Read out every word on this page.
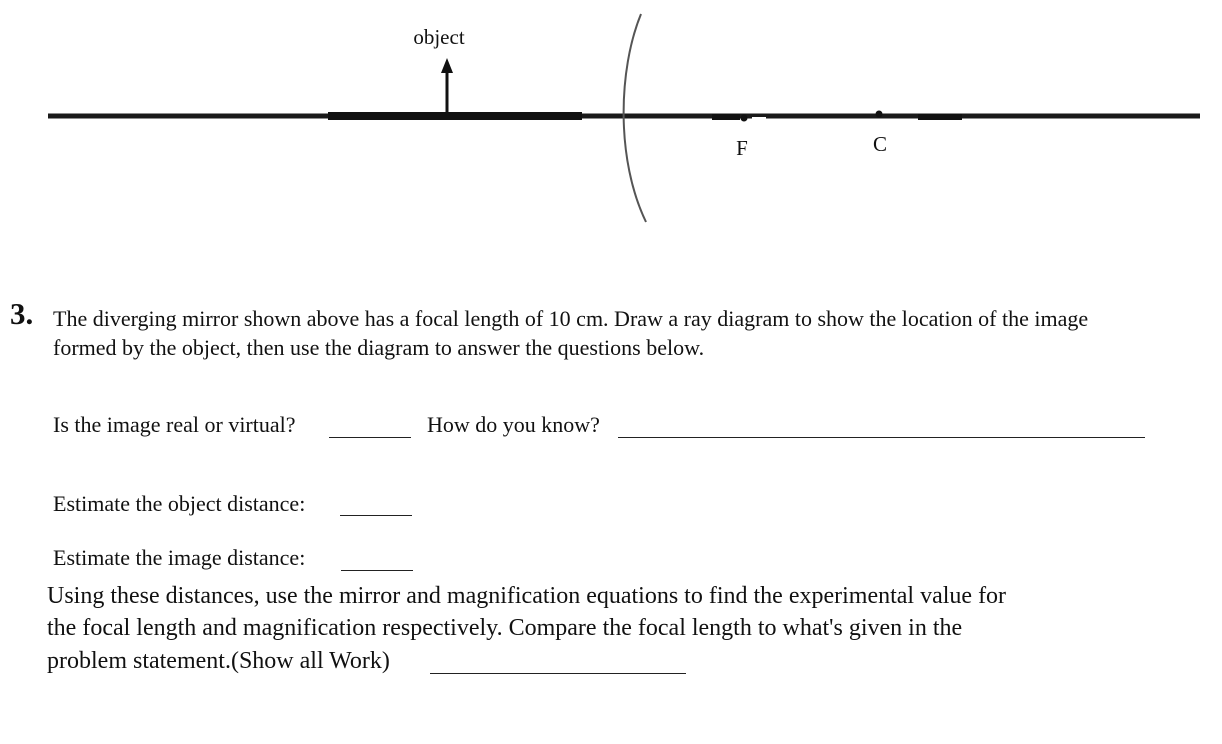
object
F	C
3. The diverging mirror shown above has a focal length of 10 cm. Draw a ray diagram to show the location of the image
formed by the object, then use the diagram to answer the questions below.
Is the image real or virtual?	How do you know?
Estimate the object distance:
Estimate the image distance:
Using these distances, use the mirror and magnification equations to find the experimental value for
the focal length and magnification respectively. Compare the focal length to what's given in the
problem statement.(Show all Work)
